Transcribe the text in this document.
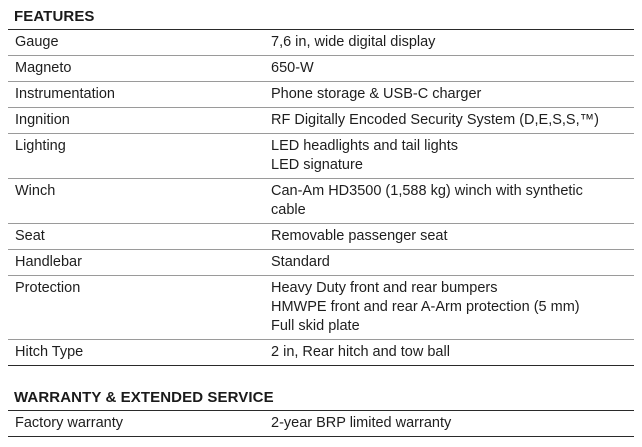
FEATURES
Gauge	7,6 in, wide digital display
Magneto	650-W
Instrumentation	Phone storage & USB-C charger
Ingnition	RF Digitally Encoded Security System (D,E,S,S,™)
Lighting	LED headlights and tail lights
LED signature
Winch	Can-Am HD3500 (1,588 kg) winch with synthetic
cable
Seat	Removable passenger seat
Handlebar	Standard
Protection	Heavy Duty front and rear bumpers
HMWPE front and rear A-Arm protection (5 mm)
Full skid plate
Hitch Type	2 in, Rear hitch and tow ball
WARRANTY & EXTENDED SERVICE
Factory warranty	2-year BRP limited warranty
